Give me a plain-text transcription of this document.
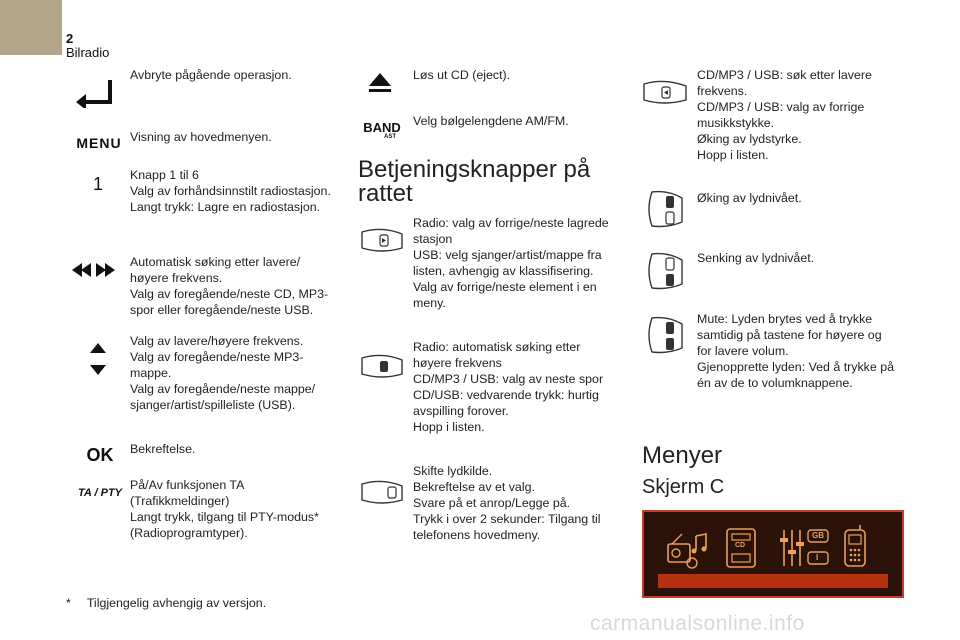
2
Bilradio
Avbryte pågående operasjon.
MENU Visning av hovedmenyen.
1	Knapp 1 til 6
Valg av forhåndsinnstilt radiostasjon.
Langt trykk: Lagre en radiostasjon.
Automatisk søking etter lavere/
høyere frekvens.
Valg av foregående/neste CD, MP3-
spor eller foregående/neste USB.
Valg av lavere/høyere frekvens.
Valg av foregående/neste MP3-
mappe.
Valg av foregående/neste mappe/
sjanger/artist/spilleliste (USB).
OK Bekreftelse.
TA / PTY
På/Av funksjonen TA
(Trafikkmeldinger)
Langt trykk, tilgang til PTY-modus*
(Radioprogramtyper).
Løs ut CD (eject).
BAND
AST
Velg bølgelengdene AM/FM.
Betjeningsknapper på
rattet
Radio: valg av forrige/neste lagrede
stasjon
USB: velg sjanger/artist/mappe fra
listen, avhengig av klassifisering.
Valg av forrige/neste element i en
meny.
Radio: automatisk søking etter
høyere frekvens
CD/MP3 / USB: valg av neste spor
CD/USB: vedvarende trykk: hurtig
avspilling forover.
Hopp i listen.
Skifte lydkilde.
Bekreftelse av et valg.
Svare på et anrop/Legge på.
Trykk i over 2 sekunder: Tilgang til
telefonens hovedmeny.
CD/MP3 / USB: søk etter lavere
frekvens.
CD/MP3 / USB: valg av forrige
musikkstykke.
Øking av lydstyrke.
Hopp i listen.
Øking av lydnivået.
Senking av lydnivået.
Mute: Lyden brytes ved å trykke
samtidig på tastene for høyere og
for lavere volum.
Gjenopprette lyden: Ved å trykke på
én av de to volumknappene.
Menyer
Skjerm C
CD
GB
I
* Tilgjengelig avhengig av versjon.
carmanualsonline.info
